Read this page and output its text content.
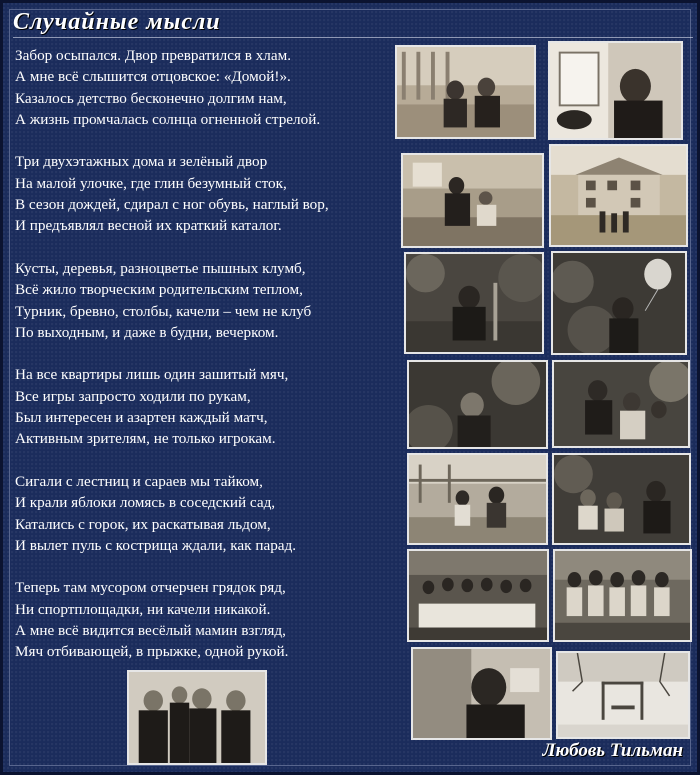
Случайные мысли
Забор осыпался. Двор превратился в хлам.
А мне всё слышится отцовское: «Домой!».
Казалось детство бесконечно долгим нам,
А жизнь промчалась солнца огненной стрелой.
Три двухэтажных дома и зелёный двор
На малой улочке, где глин безумный сток,
В сезон дождей, сдирал с ног обувь, наглый вор,
И предъявлял весной их краткий каталог.
Кусты, деревья, разноцветье пышных клумб,
Всё жило творческим родительским теплом,
Турник, бревно, столбы, качели – чем не клуб
По выходным, и даже в будни, вечерком.
На все квартиры лишь один зашитый мяч,
Все игры запросто ходили по рукам,
Был интересен и азартен каждый матч,
Активным зрителям, не только игрокам.
Сигали с лестниц и сараев мы тайком,
И крали яблоки ломясь в соседский сад,
Катались с горок, их раскатывая льдом,
И вылет пуль с кострища ждали, как парад.
Теперь там мусором отчерчен грядок ряд,
Ни спортплощадки, ни качели никакой.
А мне всё видится весёлый мамин взгляд,
Мяч отбивающей, в прыжке, одной рукой.
Любовь Тильман
